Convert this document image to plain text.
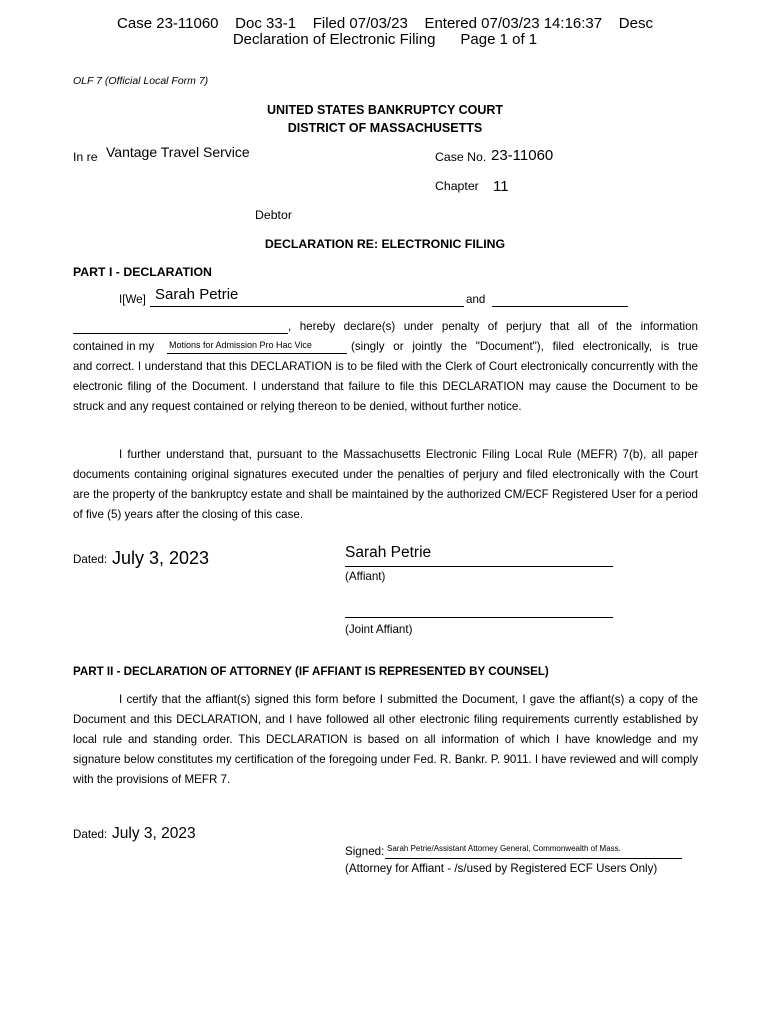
Case 23-11060    Doc 33-1    Filed 07/03/23    Entered 07/03/23 14:16:37    Desc
Declaration of Electronic Filing      Page 1 of 1
OLF 7 (Official Local Form 7)
UNITED STATES BANKRUPTCY COURT
DISTRICT OF MASSACHUSETTS
In re Vantage Travel Service	Case No. 23-11060
Chapter 11
Debtor
DECLARATION RE: ELECTRONIC FILING
PART I - DECLARATION
I[We] Sarah Petrie	and
, hereby declare(s) under penalty of perjury that all of the information
contained in my Motions for Admission Pro Hac Vice	(singly or jointly the "Document"), filed electronically, is true

and correct. I understand that this DECLARATION is to be filed with the Clerk of Court electronically concurrently with the electronic filing of the Document. I understand that failure to file this DECLARATION may cause the Document to be struck and any request contained or relying thereon to be denied, without further notice.

I further understand that, pursuant to the Massachusetts Electronic Filing Local Rule (MEFR) 7(b), all paper documents containing original signatures executed under the penalties of perjury and filed electronically with the Court are the property of the bankruptcy estate and shall be maintained by the authorized CM/ECF Registered User for a period of five (5) years after the closing of this case.

Dated: July 3, 2023	Sarah Petrie
(Affiant)
(Joint Affiant)
PART II - DECLARATION OF ATTORNEY (IF AFFIANT IS REPRESENTED BY COUNSEL)

I certify that the affiant(s) signed this form before I submitted the Document, I gave the affiant(s) a copy of the Document and this DECLARATION, and I have followed all other electronic filing requirements currently established by local rule and standing order. This DECLARATION is based on all information of which I have knowledge and my signature below constitutes my certification of the foregoing under Fed. R. Bankr. P. 9011. I have reviewed and will comply with the provisions of MEFR 7.

Dated: July 3, 2023
Signed: Sarah Petrie/Assistant Attorney General, Commonwealth of Mass.
(Attorney for Affiant - /s/used by Registered ECF Users Only)
